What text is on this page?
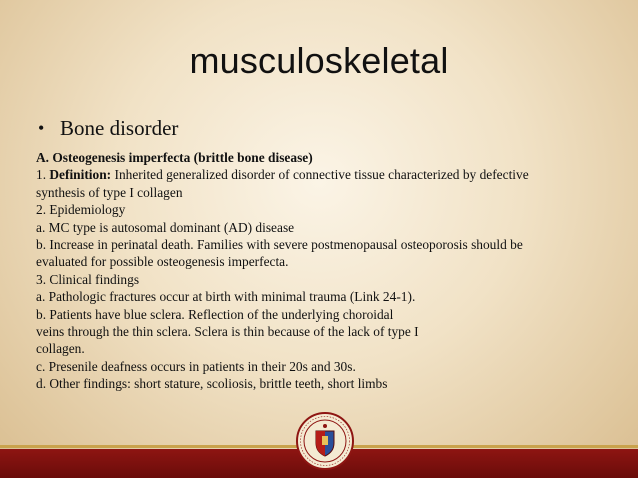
musculoskeletal
• Bone disorder
A. Osteogenesis imperfecta (brittle bone disease)
1. Definition: Inherited generalized disorder of connective tissue characterized by defective
synthesis of type I collagen
2. Epidemiology
a. MC type is autosomal dominant (AD) disease
b. Increase in perinatal death. Families with severe postmenopausal osteoporosis should be
evaluated for possible osteogenesis imperfecta.
3. Clinical findings
a. Pathologic fractures occur at birth with minimal trauma (Link 24-1).
b. Patients have blue sclera. Reflection of the underlying choroidal
veins through the thin sclera. Sclera is thin because of the lack of type I
collagen.
c. Presenile deafness occurs in patients in their 20s and 30s.
d. Other findings: short stature, scoliosis, brittle teeth, short limbs
